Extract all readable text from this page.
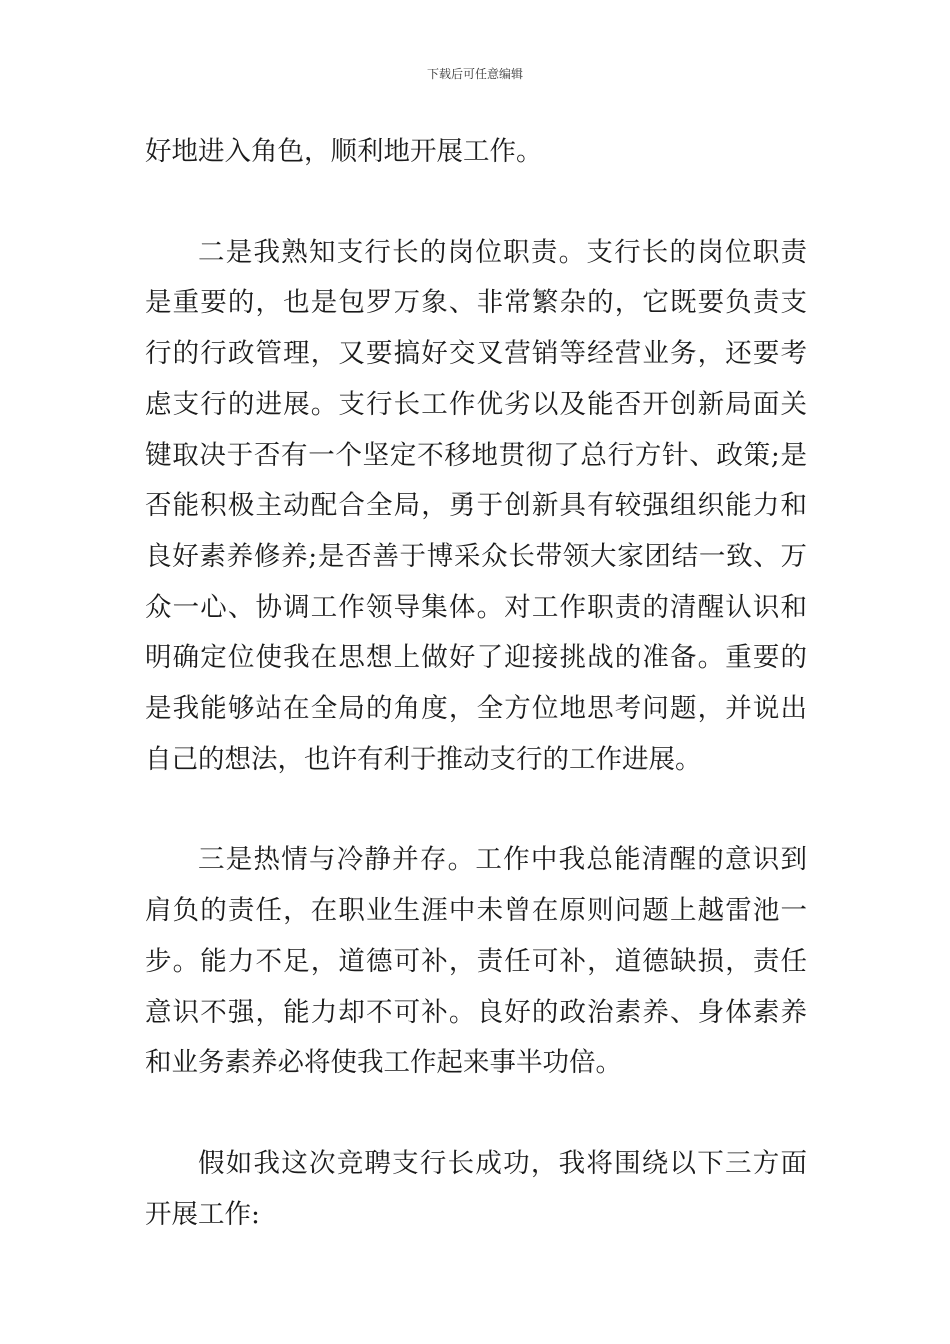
下载后可任意编辑

好地进入角色，顺利地开展工作。

二是我熟知支行长的岗位职责。支行长的岗位职责是重要的，也是包罗万象、非常繁杂的，它既要负责支行的行政管理，又要搞好交叉营销等经营业务，还要考虑支行的进展。支行长工作优劣以及能否开创新局面关键取决于否有一个坚定不移地贯彻了总行方针、政策;是否能积极主动配合全局，勇于创新具有较强组织能力和良好素养修养;是否善于博采众长带领大家团结一致、万众一心、协调工作领导集体。对工作职责的清醒认识和明确定位使我在思想上做好了迎接挑战的准备。重要的是我能够站在全局的角度，全方位地思考问题，并说出自己的想法，也许有利于推动支行的工作进展。

三是热情与冷静并存。工作中我总能清醒的意识到肩负的责任，在职业生涯中未曾在原则问题上越雷池一步。能力不足，道德可补，责任可补，道德缺损，责任意识不强，能力却不可补。良好的政治素养、身体素养和业务素养必将使我工作起来事半功倍。

假如我这次竞聘支行长成功，我将围绕以下三方面开展工作:
